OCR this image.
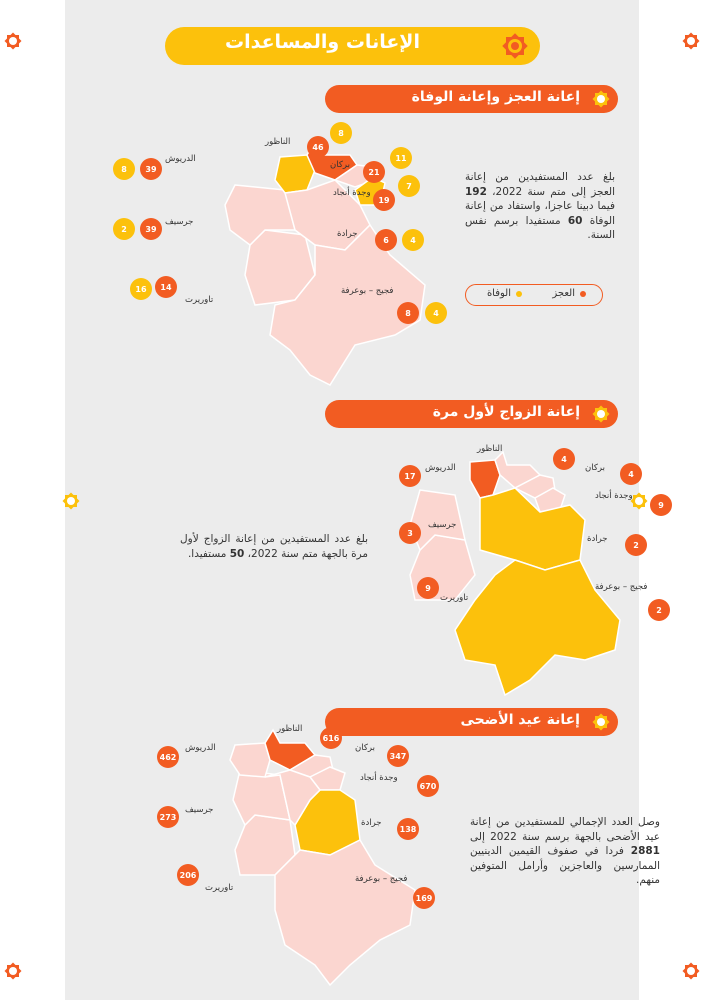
الإعانات والمساعدات
إعانة العجز وإعانة الوفاة
الناظور	46
8
الدريوش
39
8	بركان
21
11
وجدة أنجاد
19
7
جرسيف
39
2	جرادة
6	4
تاوريرت
14
16	فجيج – بوعرفة
8	4
بلغ عدد المستفيدين من إعانة العجز إلى متم سنة 2022، 192 فيما دبينا عاجزا، واستفاد من إعانة الوفاة 60 مستفيدا برسم نفس السنة.
العجز
الوفاة
إعانة الزواج لأول مرة
الناظور
4
الدريوش
17
بركان
4
وجدة أنجاد
9
جرسيف
3
جرادة
2
تاوريرت
9	فجيج – بوعرفة
2
بلغ عدد المستفيدين من إعانة الزواج لأول مرة بالجهة متم سنة 2022، 50 مستفيدا.
إعانة عيد الأضحى
الناظور
616
الدريوش
462
بركان
347
وجدة أنجاد
670
جرسيف
273
جرادة
138
تاوريرت
206	فجيج – بوعرفة
169
وصل العدد الإجمالي للمستفيدين من إعانة عيد الأضحى بالجهة برسم سنة 2022 إلى 2881 فردا في صفوف القيمين الدينيين الممارسين والعاجزين وأرامل المتوفين منهم.
